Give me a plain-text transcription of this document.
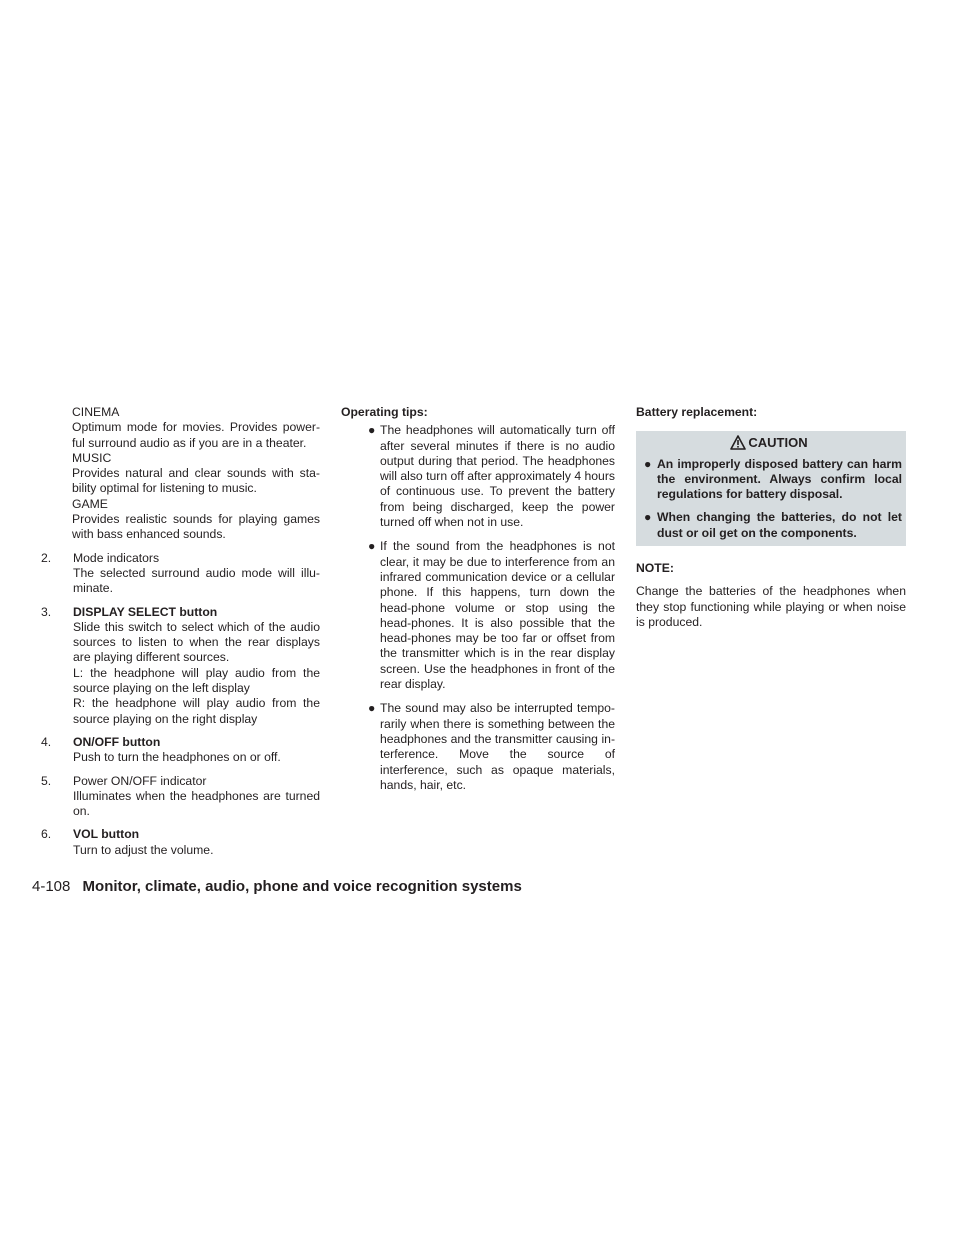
CINEMA

Optimum mode for movies. Provides power-ful surround audio as if you are in a theater.

MUSIC

Provides natural and clear sounds with sta-bility optimal for listening to music.

GAME

Provides realistic sounds for playing games with bass enhanced sounds.

2. Mode indicators

The selected surround audio mode will illu-minate.

3. DISPLAY SELECT button

Slide this switch to select which of the audio sources to listen to when the rear displays are playing different sources.

L: the headphone will play audio from the source playing on the left display

R: the headphone will play audio from the source playing on the right display

4. ON/OFF button

Push to turn the headphones on or off.

5. Power ON/OFF indicator

Illuminates when the headphones are turned on.

6. VOL button

Turn to adjust the volume.

Operating tips:

● The headphones will automatically turn off after several minutes if there is no audio output during that period. The headphones will also turn off after approximately 4 hours of continuous use. To prevent the battery from being discharged, keep the power turned off when not in use.
● If the sound from the headphones is not clear, it may be due to interference from an infrared communication device or a cellular phone. If this happens, turn down the head-phone volume or stop using the head-phones. It is also possible that the head-phones may be too far or offset from the transmitter which is in the rear display screen. Use the headphones in front of the rear display.
● The sound may also be interrupted tempo-rarily when there is something between the headphones and the transmitter causing in-terference. Move the source of interference, such as opaque materials, hands, hair, etc.

Battery replacement:

CAUTION
● An improperly disposed battery can harm the environment. Always confirm local regulations for battery disposal.
● When changing the batteries, do not let dust or oil get on the components.

NOTE:

Change the batteries of the headphones when they stop functioning while playing or when noise is produced.

4-108 Monitor, climate, audio, phone and voice recognition systems
